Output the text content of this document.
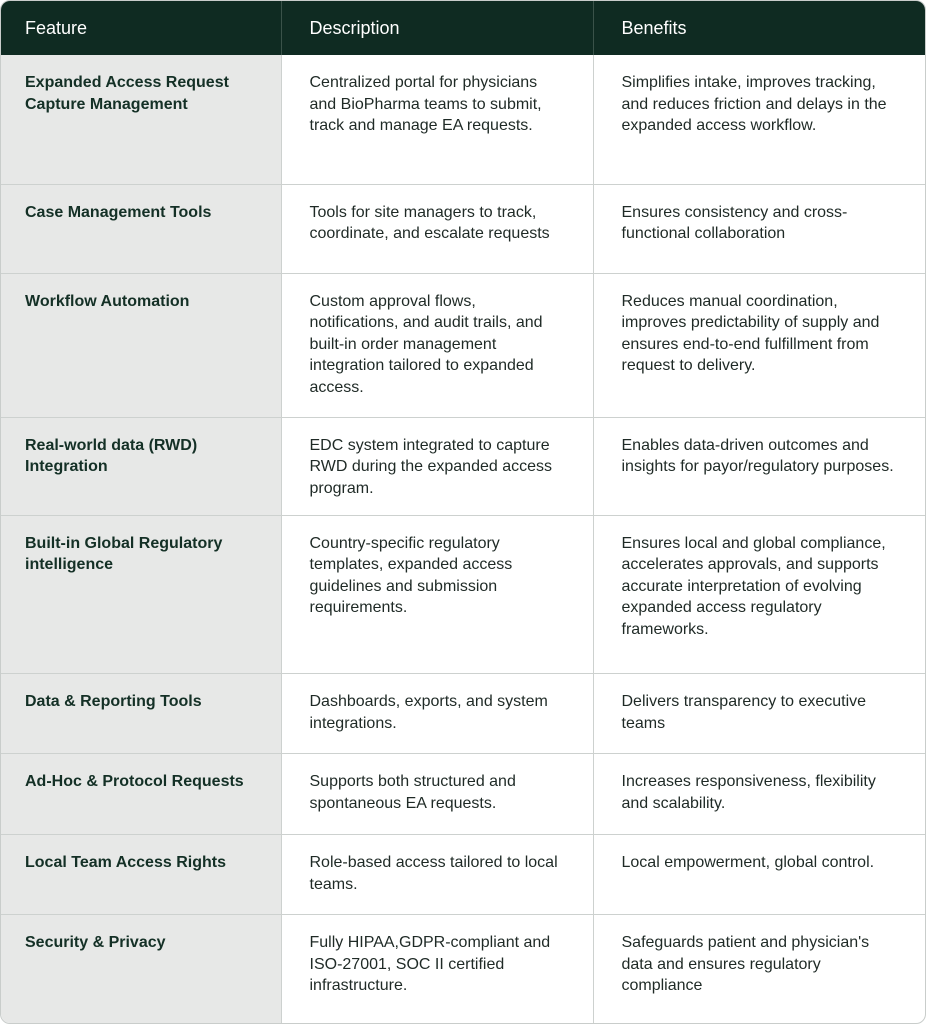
Feature	Description	Benefits
Expanded Access Request Capture Management	Centralized portal for physicians and BioPharma teams to submit, track and manage EA requests.	Simplifies intake, improves tracking, and reduces friction and delays in the expanded access workflow.
Case Management Tools	Tools for site managers to track, coordinate, and escalate requests	Ensures consistency and cross-functional collaboration
Workflow Automation	Custom approval flows, notifications, and audit trails, and built-in order management integration tailored to expanded access.	Reduces manual coordination, improves predictability of supply and ensures end-to-end fulfillment from request to delivery.
Real-world data (RWD) Integration	EDC system integrated to capture RWD during the expanded access program.	Enables data-driven outcomes and insights for payor/regulatory purposes.
Built-in Global Regulatory intelligence	Country-specific regulatory templates, expanded access guidelines and submission requirements.	Ensures local and global compliance, accelerates approvals, and supports accurate interpretation of evolving expanded access regulatory frameworks.
Data & Reporting Tools	Dashboards, exports, and system integrations.	Delivers transparency to executive teams
Ad-Hoc & Protocol Requests	Supports both structured and spontaneous EA requests.	Increases responsiveness, flexibility and scalability.
Local Team Access Rights	Role-based access tailored to local teams.	Local empowerment, global control.
Security & Privacy	Fully HIPAA,GDPR-compliant and ISO-27001, SOC II certified infrastructure.	Safeguards patient and physician's data and ensures regulatory compliance
